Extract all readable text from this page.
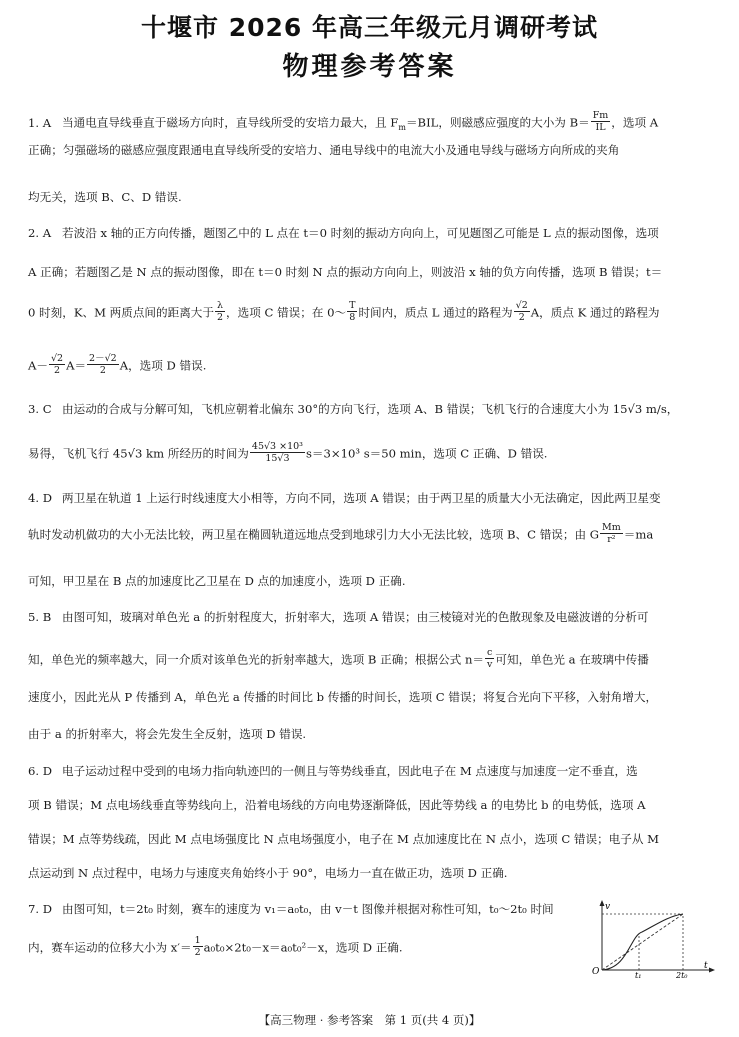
十堰市 2026 年高三年级元月调研考试
物理参考答案
1. A 当通电直导线垂直于磁场方向时，直导线所受的安培力最大，且 $F_m=BIL$，则磁感应强度的大小为 $B= \frac{Fm}{IL}$ ，选项 A
正确；匀强磁场的磁感应强度跟通电直导线所受的安培力、通电导线中的电流大小及通电导线与磁场方向所成的夹角
均无关，选项 B、C、D 错误.
2. A 若波沿 x 轴的正方向传播，题图乙中的 L 点在 t＝0 时刻的振动方向向上，可见题图乙可能是 L 点的振动图像，选项
A 正确；若题图乙是 N 点的振动图像，即在 t＝0 时刻 N 点的振动方向向上，则波沿 x 轴的负方向传播，选项 B 错误；t＝
0 时刻，K、M 两质点间的距离大于 $\frac{\lambda}{2}$ ，选项 C 错误；在 0～ $\frac{T}{8}$ 时间内，质点 L 通过的路程为 $\frac{√2}{2}$ A，质点 K 通过的路程为
$A- \frac{√2}{2} A= \frac{2-√2}{2}$ A，选项 D 错误.
3. C 由运动的合成与分解可知，飞机应朝着北偏东 30°的方向飞行，选项 A、B 错误；飞机飞行的合速度大小为 15√3 m/s，
易得，飞机飞行 45√3 km 所经历的时间为 $\frac{\text{45√3 ×10³}}{15√3} s=3\times 10^3$ s＝50 min，选项 C 正确、D 错误.
4. D 两卫星在轨道 1 上运行时线速度大小相等，方向不同，选项 A 错误；由于两卫星的质量大小无法确定，因此两卫星变
轨时发动机做功的大小无法比较，两卫星在椭圆轨道远地点受到地球引力大小无法比较，选项 B、C 错误；由 G $\frac{Mm}{\text{r²}} =ma$
可知，甲卫星在 B 点的加速度比乙卫星在 D 点的加速度小，选项 D 正确.
5. B 由图可知，玻璃对单色光 a 的折射程度大，折射率大，选项 A 错误；由三棱镜对光的色散现象及电磁波谱的分析可
知，单色光的频率越大，同一介质对该单色光的折射率越大，选项 B 正确；根据公式 $n= \frac{c}{v}$ 可知，单色光 a 在玻璃中传播
速度小，因此光从 P 传播到 A，单色光 a 传播的时间比 b 传播的时间长，选项 C 错误；将复合光向下平移，入射角增大，
由于 a 的折射率大，将会先发生全反射，选项 D 错误.
6. D 电子运动过程中受到的电场力指向轨迹凹的一侧且与等势线垂直，因此电子在 M 点速度与加速度一定不垂直，选
项 B 错误；M 点电场线垂直等势线向上，沿着电场线的方向电势逐渐降低，因此等势线 a 的电势比 b 的电势低，选项 A
错误；M 点等势线疏，因此 M 点电场强度比 N 点电场强度小，电子在 M 点加速度比在 N 点小，选项 C 错误；电子从 M
点运动到 N 点过程中，电场力与速度夹角始终小于 90°，电场力一直在做正功，选项 D 正确.
7. D 由图可知，t＝2t₀ 时刻，赛车的速度为 v₁＝a₀t₀，由 v－t 图像并根据对称性可知，t₀～2t₀ 时间
内，赛车运动的位移大小为 $x'= \frac{1}{2} a_0t_0\times 2t_0-x=a_0t_0^2-x$，选项 D 正确.
v
t
O	t₁	2t₀
【高三物理 · 参考答案　第 1 页(共 4 页)】
